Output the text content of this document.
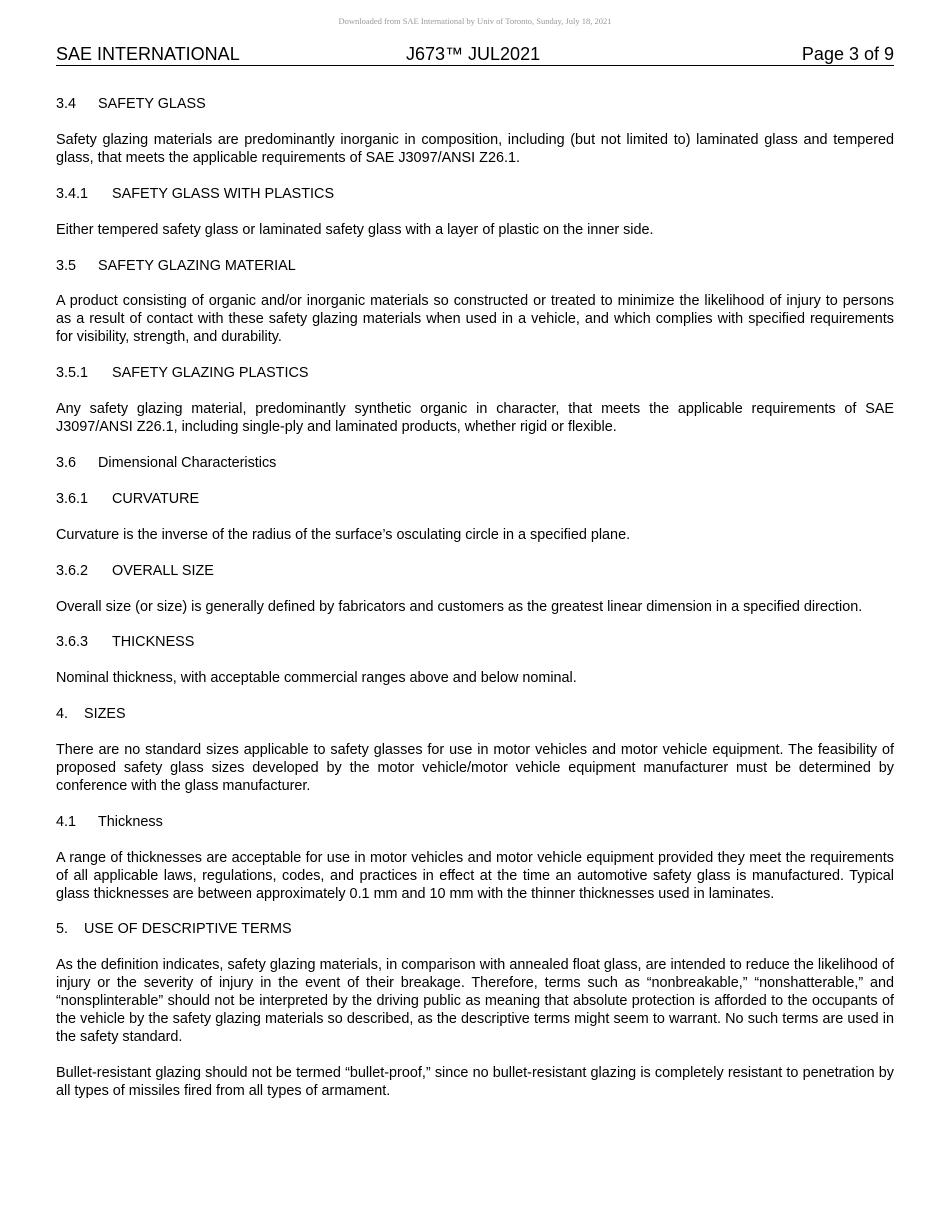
Downloaded from SAE International by Univ of Toronto, Sunday, July 18, 2021
SAE INTERNATIONAL	J673™ JUL2021	Page 3 of 9
3.4 SAFETY GLASS

Safety glazing materials are predominantly inorganic in composition, including (but not limited to) laminated glass and tempered glass, that meets the applicable requirements of SAE J3097/ANSI Z26.1.

3.4.1 SAFETY GLASS WITH PLASTICS

Either tempered safety glass or laminated safety glass with a layer of plastic on the inner side.

3.5 SAFETY GLAZING MATERIAL

A product consisting of organic and/or inorganic materials so constructed or treated to minimize the likelihood of injury to persons as a result of contact with these safety glazing materials when used in a vehicle, and which complies with specified requirements for visibility, strength, and durability.

3.5.1 SAFETY GLAZING PLASTICS

Any safety glazing material, predominantly synthetic organic in character, that meets the applicable requirements of SAE J3097/ANSI Z26.1, including single-ply and laminated products, whether rigid or flexible.

3.6 Dimensional Characteristics
3.6.1 CURVATURE

Curvature is the inverse of the radius of the surface’s osculating circle in a specified plane.

3.6.2 OVERALL SIZE

Overall size (or size) is generally defined by fabricators and customers as the greatest linear dimension in a specified direction.

3.6.3 THICKNESS

Nominal thickness, with acceptable commercial ranges above and below nominal.

4. SIZES

There are no standard sizes applicable to safety glasses for use in motor vehicles and motor vehicle equipment. The feasibility of proposed safety glass sizes developed by the motor vehicle/motor vehicle equipment manufacturer must be determined by conference with the glass manufacturer.

4.1 Thickness

A range of thicknesses are acceptable for use in motor vehicles and motor vehicle equipment provided they meet the requirements of all applicable laws, regulations, codes, and practices in effect at the time an automotive safety glass is manufactured. Typical glass thicknesses are between approximately 0.1 mm and 10 mm with the thinner thicknesses used in laminates.

5. USE OF DESCRIPTIVE TERMS

As the definition indicates, safety glazing materials, in comparison with annealed float glass, are intended to reduce the likelihood of injury or the severity of injury in the event of their breakage. Therefore, terms such as “nonbreakable,” “nonshatterable,” and “nonsplinterable” should not be interpreted by the driving public as meaning that absolute protection is afforded to the occupants of the vehicle by the safety glazing materials so described, as the descriptive terms might seem to warrant. No such terms are used in the safety standard.

Bullet-resistant glazing should not be termed “bullet-proof,” since no bullet-resistant glazing is completely resistant to penetration by all types of missiles fired from all types of armament.
